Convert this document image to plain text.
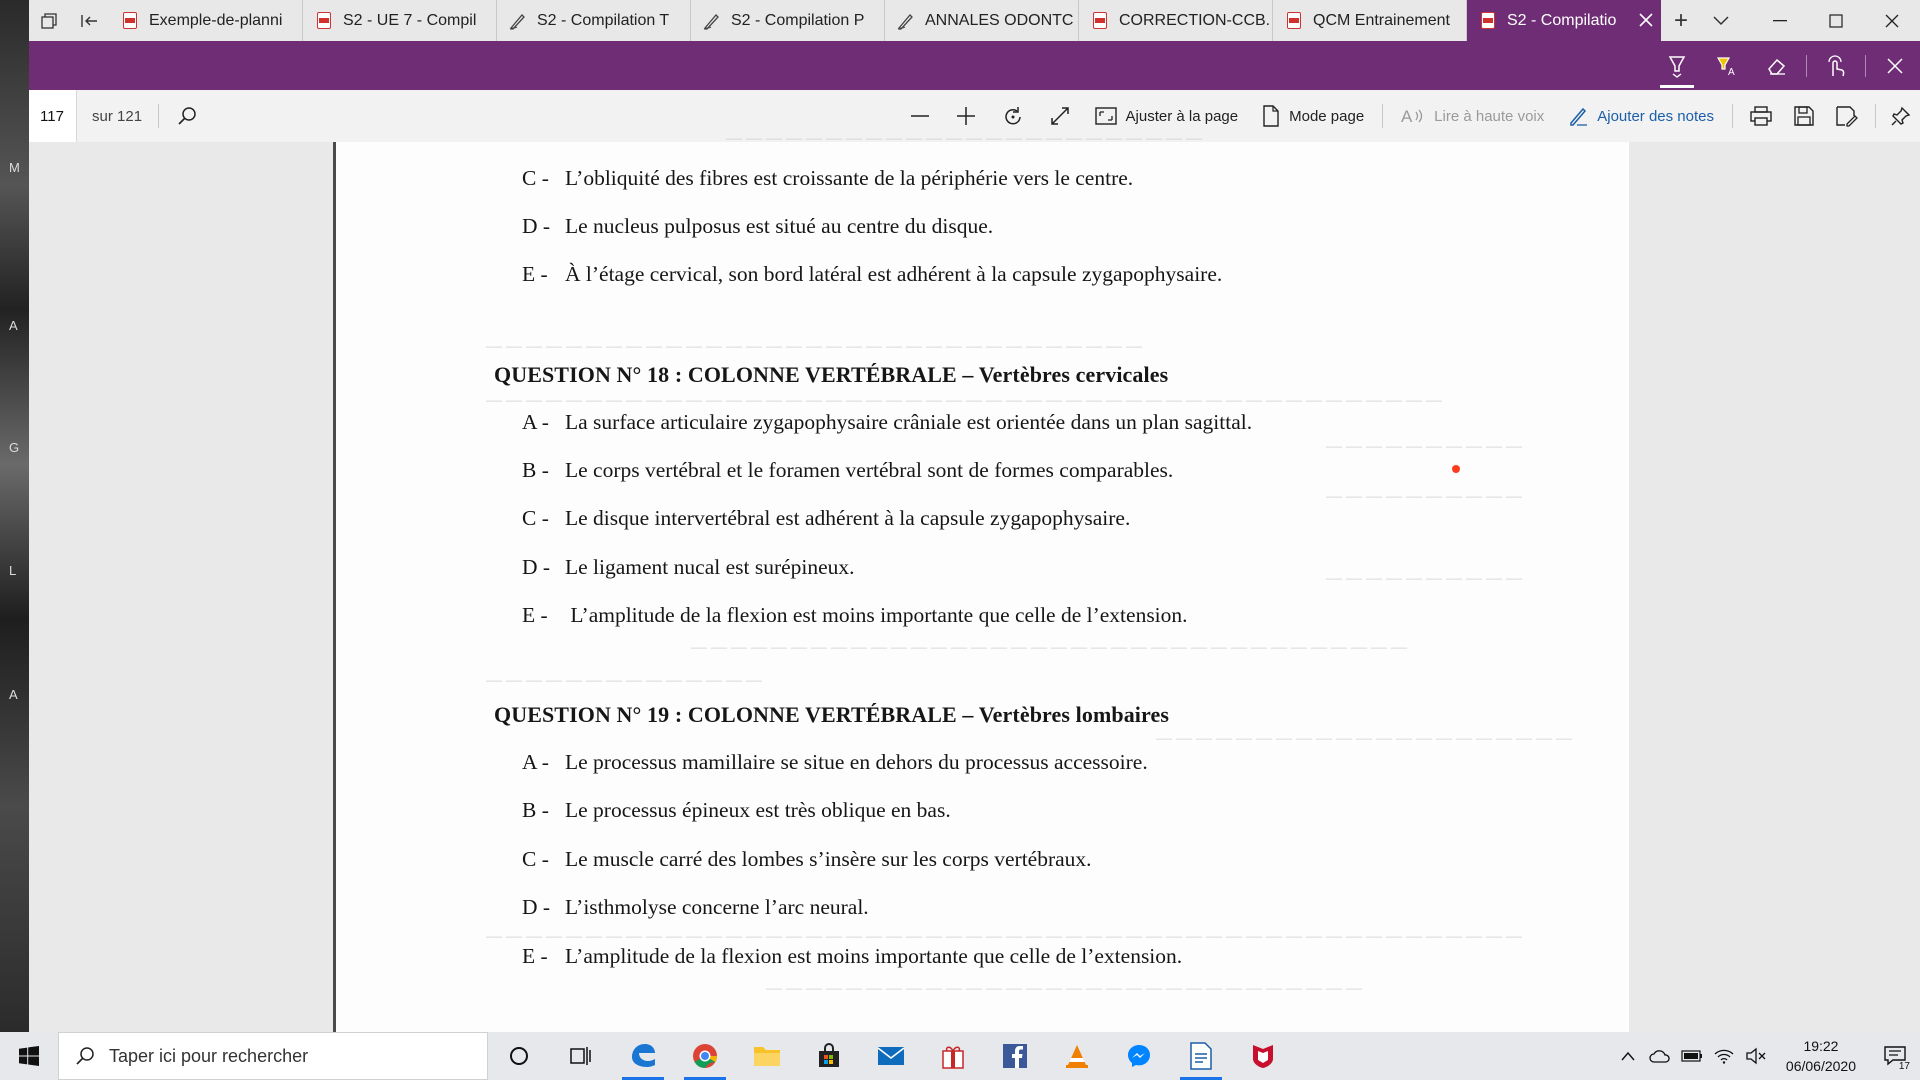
M
A
G
L
A
Exemple-de-planni	S2 - UE 7 - Compil	S2 - Compilation T	S2 - Compilation P	ANNALES ODONTC	CORRECTION-CCB.	QCM Entrainement	S2 - Compilatio	+
A
117
sur 121	Ajuster à la page	Mode page A Lire à haute voix	Ajouter des notes
— — — — — — — — — — — — — — — — — — — — — — — —
— — — — — — — — — — — — — — — — — — — — — — — — — — — — — — — — —
— — — — — — — — — — — — — — — — — — — — — — — — — — — — — — — — — — — — — — — — — — — — — — — —
— — — — — — — — — —
— — — — — — — — — —
— — — — — — — — — —
— — — — — — — — — — — — — — — — — — — — — — — — — — — — — — — — — — — —
— — — — — — — — — — — — — —
— — — — — — — — — — — — — — — — — — — — —
— — — — — — — — — — — — — — — — — — — — — — — — — — — — — — — — — — — — — — — — — — — — — — — — — — — —
— — — — — — — — — — — — — — — — — — — — — — — — — — — — — —
C - L’obliquité des fibres est croissante de la périphérie vers le centre.
D - Le nucleus pulposus est situé au centre du disque.
E - À l’étage cervical, son bord latéral est adhérent à la capsule zygapophysaire.
QUESTION N° 18 : COLONNE VERTÉBRALE – Vertèbres cervicales
A - La surface articulaire zygapophysaire crâniale est orientée dans un plan sagittal.
B - Le corps vertébral et le foramen vertébral sont de formes comparables.
C - Le disque intervertébral est adhérent à la capsule zygapophysaire.
D - Le ligament nucal est surépineux.
E - L’amplitude de la flexion est moins importante que celle de l’extension.
QUESTION N° 19 : COLONNE VERTÉBRALE – Vertèbres lombaires
A - Le processus mamillaire se situe en dehors du processus accessoire.
B - Le processus épineux est très oblique en bas.
C - Le muscle carré des lombes s’insère sur les corps vertébraux.
D - L’isthmolyse concerne l’arc neural.
E - L’amplitude de la flexion est moins importante que celle de l’extension.
Taper ici pour rechercher	19:22
06/06/2020	17
